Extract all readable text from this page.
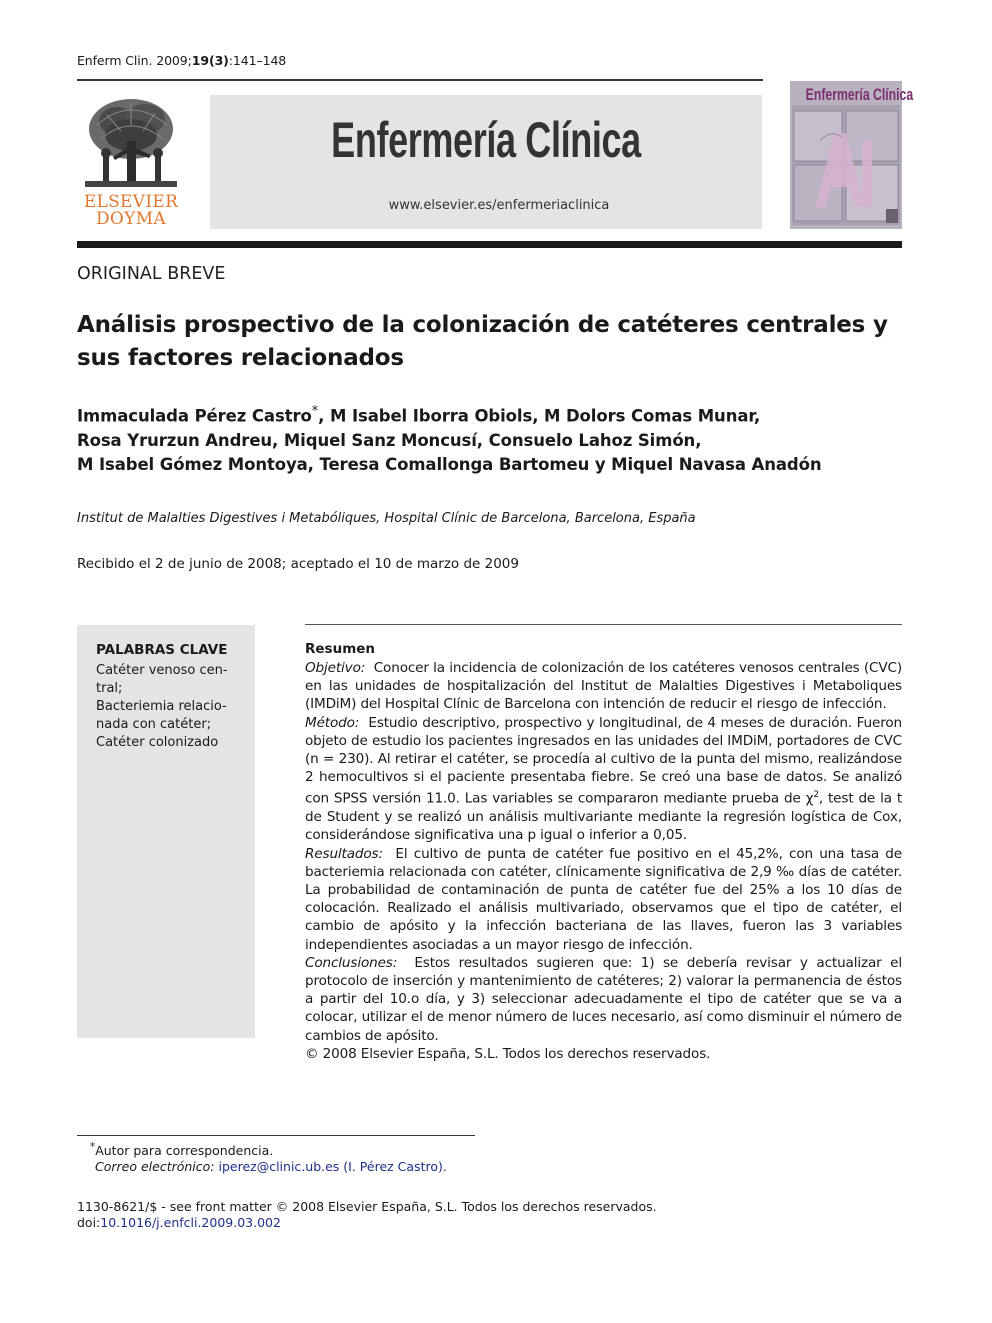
Enferm Clin. 2009;19(3):141–148
ELSEVIER
DOYMA
Enfermería Clínica
www.elsevier.es/enfermeriaclinica
Enfermería Clínica
ORIGINAL BREVE
Análisis prospectivo de la colonización de catéteres centrales y sus factores relacionados
Immaculada Pérez Castro*, M Isabel Iborra Obiols, M Dolors Comas Munar,
Rosa Yrurzun Andreu, Miquel Sanz Moncusí, Consuelo Lahoz Simón,
M Isabel Gómez Montoya, Teresa Comallonga Bartomeu y Miquel Navasa Anadón
Institut de Malalties Digestives i Metabóliques, Hospital Clínic de Barcelona, Barcelona, España
Recibido el 2 de junio de 2008; aceptado el 10 de marzo de 2009
PALABRAS CLAVE
Catéter venoso cen-
tral;
Bacteriemia relacio-
nada con catéter;
Catéter colonizado
Resumen

Objetivo: Conocer la incidencia de colonización de los catéteres venosos centrales (CVC) en las unidades de hospitalización del Institut de Malalties Digestives i Metaboliques (IMDiM) del Hospital Clínic de Barcelona con intención de reducir el riesgo de infección.

Método: Estudio descriptivo, prospectivo y longitudinal, de 4 meses de duración. Fueron objeto de estudio los pacientes ingresados en las unidades del IMDiM, portadores de CVC (n = 230). Al retirar el catéter, se procedía al cultivo de la punta del mismo, realizándose 2 hemocultivos si el paciente presentaba fiebre. Se creó una base de datos. Se analizó con SPSS versión 11.0. Las variables se compararon mediante prueba de $\chi^2$, test de la t de Student y se realizó un análisis multivariante mediante la regresión logística de Cox, considerándose significativa una p igual o inferior a 0,05.

Resultados: El cultivo de punta de catéter fue positivo en el 45,2%, con una tasa de bacteriemia relacionada con catéter, clínicamente significativa de 2,9 ‰ días de catéter. La probabilidad de contaminación de punta de catéter fue del 25% a los 10 días de colocación. Realizado el análisis multivariado, observamos que el tipo de catéter, el cambio de apósito y la infección bacteriana de las llaves, fueron las 3 variables independientes asociadas a un mayor riesgo de infección.

Conclusiones: Estos resultados sugieren que: 1) se debería revisar y actualizar el protocolo de inserción y mantenimiento de catéteres; 2) valorar la permanencia de éstos a partir del 10.o día, y 3) seleccionar adecuadamente el tipo de catéter que se va a colocar, utilizar el de menor número de luces necesario, así como disminuir el número de cambios de apósito.

© 2008 Elsevier España, S.L. Todos los derechos reservados.

*Autor para correspondencia.
Correo electrónico: iperez@clinic.ub.es (I. Pérez Castro).
1130-8621/$ - see front matter © 2008 Elsevier España, S.L. Todos los derechos reservados.
doi:10.1016/j.enfcli.2009.03.002
